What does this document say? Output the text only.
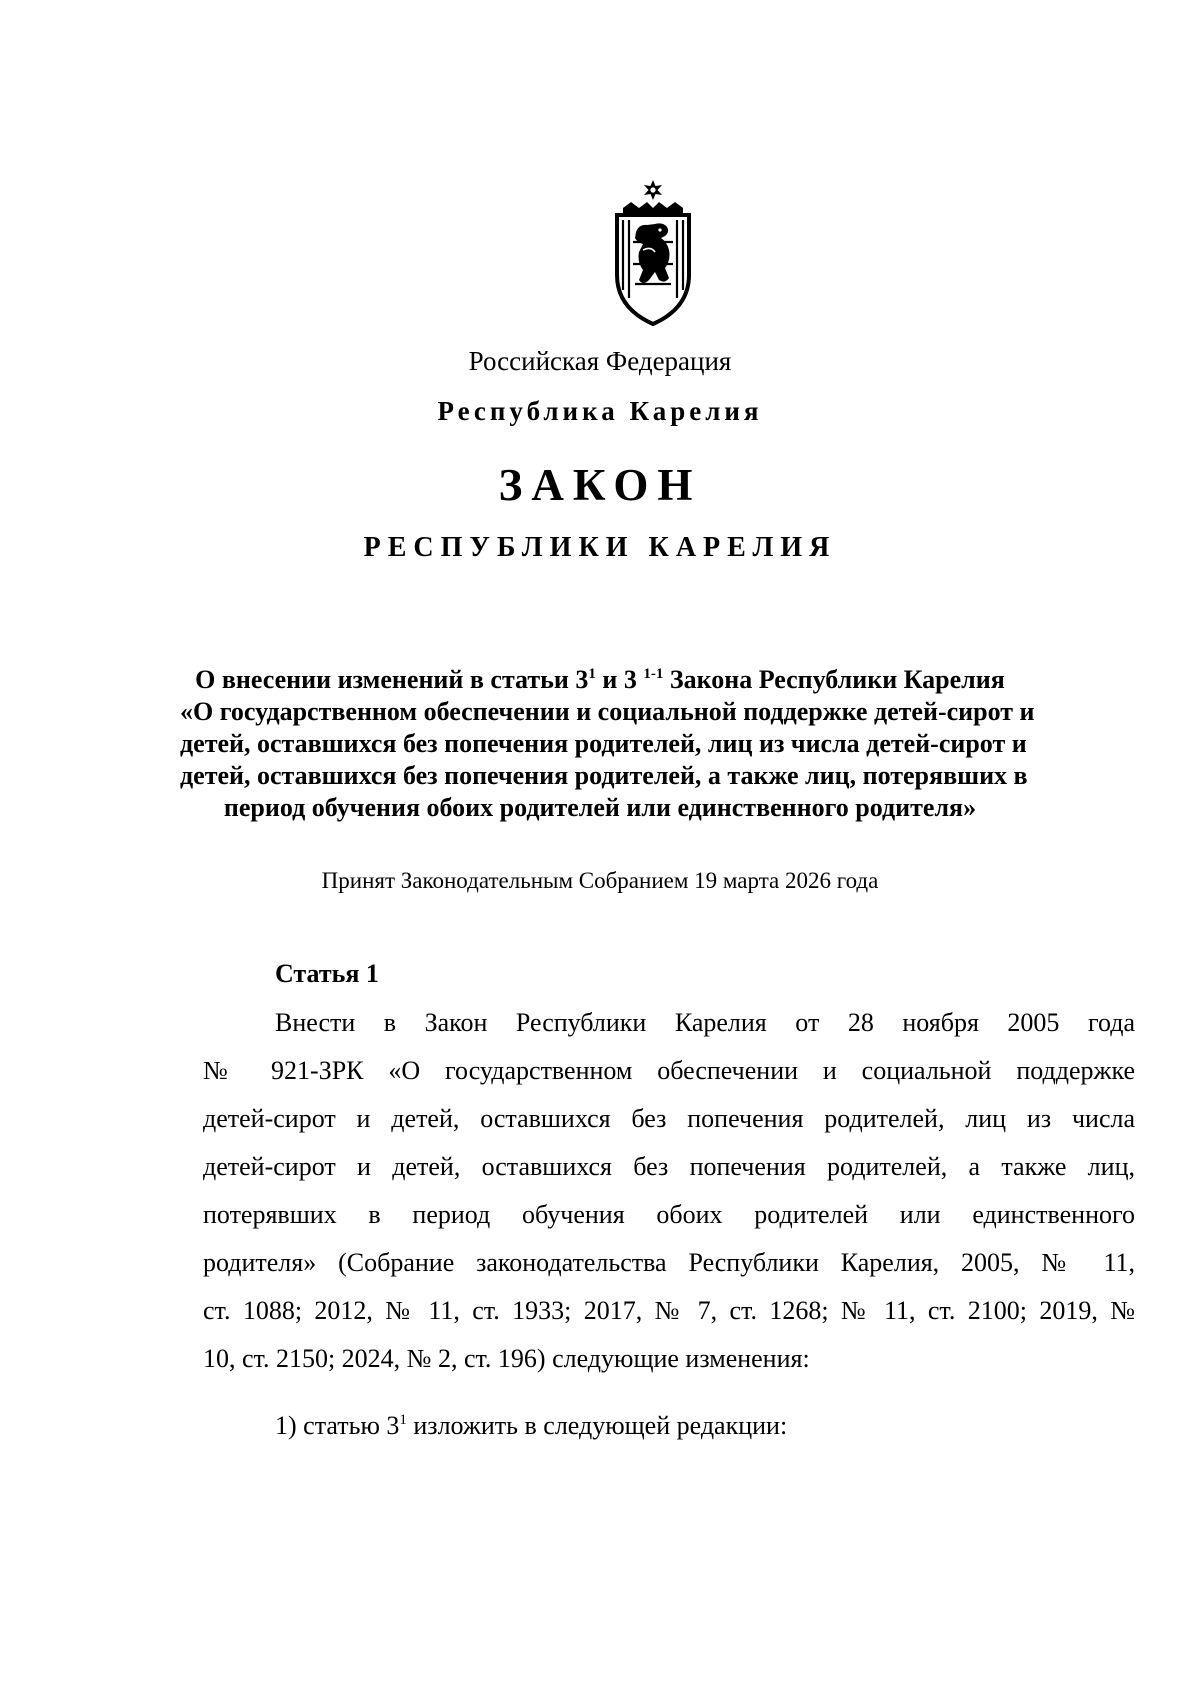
Российская Федерация
Республика Карелия
ЗАКОН
РЕСПУБЛИКИ КАРЕЛИЯ
О внесении изменений в статьи $3^1$ и 3 $^{1-1}$ Закона Республики Карелия
«О государственном обеспечении и социальной поддержке детей-сирот и
детей, оставшихся без попечения родителей, лиц из числа детей-сирот и
детей, оставшихся без попечения родителей, а также лиц, потерявших в
период обучения обоих родителей или единственного родителя»
Принят Законодательным Собранием 19 марта 2026 года
Статья 1
Внести в Закон Республики Карелия от 28 ноября 2005 года
№ 921-ЗРК «О государственном обеспечении и социальной поддержке
детей-сирот и детей, оставшихся без попечения родителей, лиц из числа
детей-сирот и детей, оставшихся без попечения родителей, а также лиц,
потерявших в период обучения обоих родителей или единственного
родителя» (Собрание законодательства Республики Карелия, 2005, № 11,
ст. 1088; 2012, № 11, ст. 1933; 2017, № 7, ст. 1268; № 11, ст. 2100; 2019, №
10, ст. 2150; 2024, № 2, ст. 196) следующие изменения:
1) статью $3^1$ изложить в следующей редакции:
